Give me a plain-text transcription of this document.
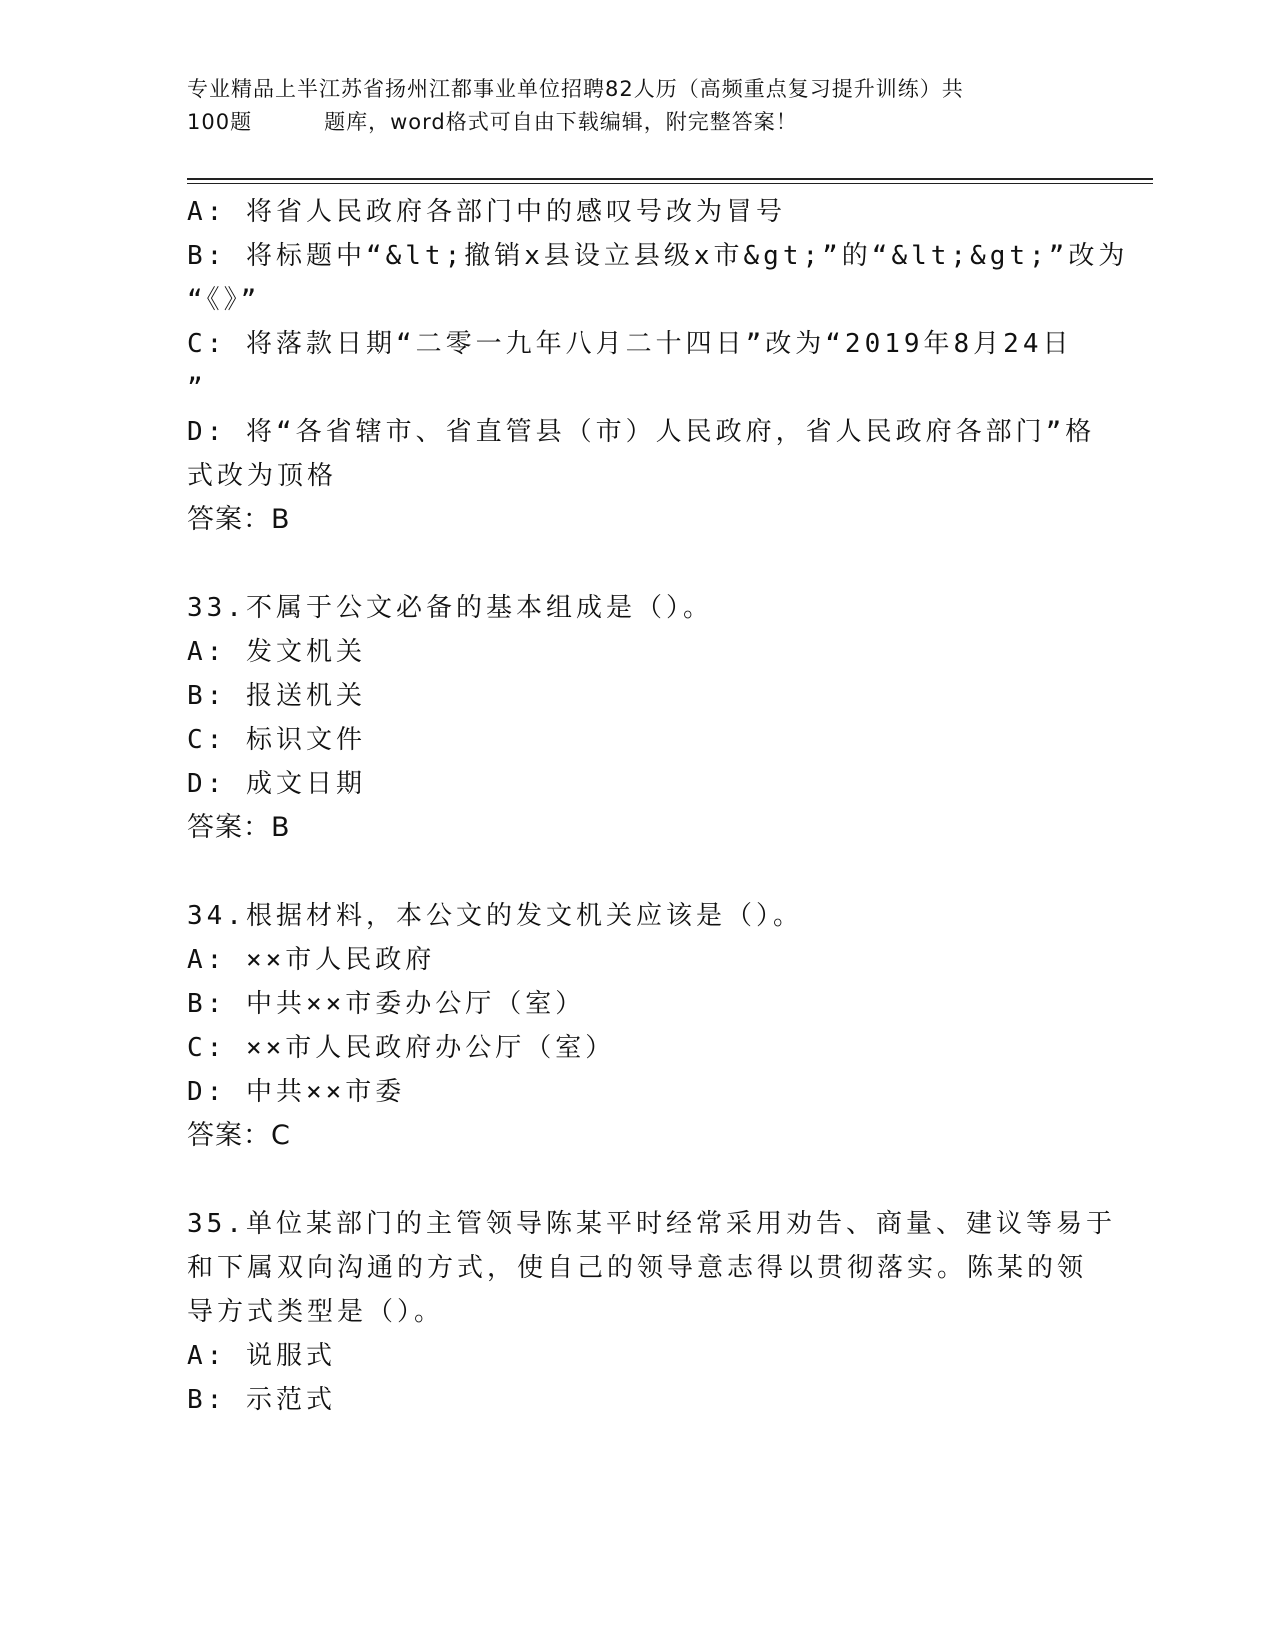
专业精品上半江苏省扬州江都事业单位招聘82人历（高频重点复习提升训练）共
100题	题库，word格式可自由下载编辑，附完整答案！
A: 将省人民政府各部门中的感叹号改为冒号
B: 将标题中“&lt;撤销x县设立县级x市&gt;”的“&lt;&gt;”改为
“《》”
C: 将落款日期“二零一九年八月二十四日”改为“2019年8月24日
”
D: 将“各省辖市、省直管县（市）人民政府，省人民政府各部门”格
式改为顶格
答案：B
33.不属于公文必备的基本组成是（）。
A: 发文机关
B: 报送机关
C: 标识文件
D: 成文日期
答案：B
34.根据材料，本公文的发文机关应该是（）。
A: ××市人民政府
B: 中共××市委办公厅（室）
C: ××市人民政府办公厅（室）
D: 中共××市委
答案：C
35.单位某部门的主管领导陈某平时经常采用劝告、商量、建议等易于
和下属双向沟通的方式，使自己的领导意志得以贯彻落实。陈某的领
导方式类型是（）。
A: 说服式
B: 示范式
